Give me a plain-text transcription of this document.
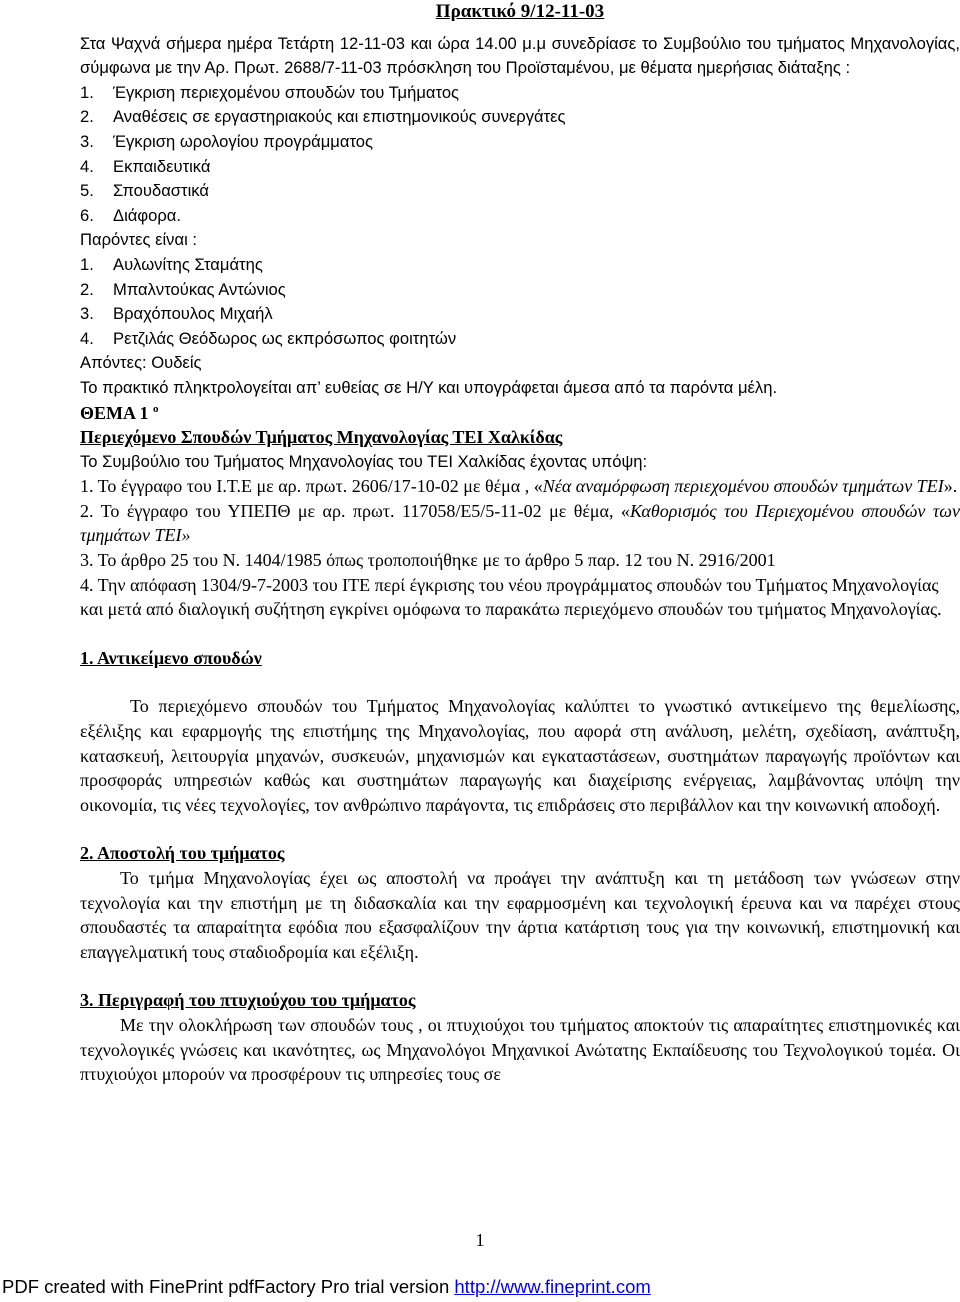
Πρακτικό 9/12-11-03

Στα Ψαχνά σήμερα ημέρα Τετάρτη 12-11-03 και ώρα 14.00 μ.μ συνεδρίασε το Συμβούλιο του τμήματος Μηχανολογίας, σύμφωνα με την Αρ. Πρωτ. 2688/7-11-03 πρόσκληση του Προϊσταμένου, με θέματα ημερήσιας διάταξης :

1.	Έγκριση περιεχομένου σπουδών του Τμήματος
2.	Αναθέσεις σε εργαστηριακούς και επιστημονικούς συνεργάτες
3.	Έγκριση ωρολογίου προγράμματος
4.	Εκπαιδευτικά
5.	Σπουδαστικά
6.	Διάφορα.

Παρόντες είναι :

1.	Αυλωνίτης Σταμάτης
2.	Μπαλντούκας Αντώνιος
3.	Βραχόπουλος Μιχαήλ
4.	Ρετζιλάς Θεόδωρος ως εκπρόσωπος φοιτητών

Απόντες: Ουδείς

Το πρακτικό πληκτρολογείται απ’ ευθείας σε Η/Υ και υπογράφεται άμεσα από τα παρόντα μέλη.

ΘΕΜΑ 1 $^o$

Περιεχόμενο Σπουδών Τμήματος Μηχανολογίας ΤΕΙ Χαλκίδας

Το Συμβούλιο του Τμήματος Μηχανολογίας του ΤΕΙ Χαλκίδας έχοντας υπόψη:

1. Το έγγραφο του Ι.Τ.Ε με αρ. πρωτ. 2606/17-10-02 με θέμα , «Νέα αναμόρφωση περιεχομένου σπουδών τμημάτων ΤΕΙ».

2. Το έγγραφο του ΥΠΕΠΘ με αρ. πρωτ. 117058/Ε5/5-11-02 με θέμα, «Καθορισμός του Περιεχομένου σπουδών των τμημάτων ΤΕΙ»

3. Το άρθρο 25 του Ν. 1404/1985 όπως τροποποιήθηκε με το άρθρο 5 παρ. 12 του Ν. 2916/2001

4. Την απόφαση 1304/9-7-2003 του ΙΤΕ περί έγκρισης του νέου προγράμματος σπουδών του Τμήματος Μηχανολογίας

και μετά από διαλογική συζήτηση εγκρίνει ομόφωνα το παρακάτω περιεχόμενο σπουδών του τμήματος Μηχανολογίας.

1. Αντικείμενο σπουδών

Το περιεχόμενο σπουδών του Τμήματος Μηχανολογίας καλύπτει το γνωστικό αντικείμενο της θεμελίωσης, εξέλιξης και εφαρμογής της επιστήμης της Μηχανολογίας, που αφορά στη ανάλυση, μελέτη, σχεδίαση, ανάπτυξη, κατασκευή, λειτουργία μηχανών, συσκευών, μηχανισμών και εγκαταστάσεων, συστημάτων παραγωγής προϊόντων και προσφοράς υπηρεσιών καθώς και συστημάτων παραγωγής και διαχείρισης ενέργειας, λαμβάνοντας υπόψη την οικονομία, τις νέες τεχνολογίες, τον ανθρώπινο παράγοντα, τις επιδράσεις στο περιβάλλον και την κοινωνική αποδοχή.

2. Αποστολή του τμήματος

Το τμήμα Μηχανολογίας έχει ως αποστολή να προάγει την ανάπτυξη και τη μετάδοση των γνώσεων στην τεχνολογία και την επιστήμη με τη διδασκαλία και την εφαρμοσμένη και τεχνολογική έρευνα και να παρέχει στους σπουδαστές τα απαραίτητα εφόδια που εξασφαλίζουν την άρτια κατάρτιση τους για την κοινωνική, επιστημονική και επαγγελματική τους σταδιοδρομία και εξέλιξη.

3. Περιγραφή του πτυχιούχου του τμήματος

Με την ολοκλήρωση των σπουδών τους , οι πτυχιούχοι του τμήματος αποκτούν τις απαραίτητες επιστημονικές και τεχνολογικές γνώσεις και ικανότητες, ως Μηχανολόγοι Μηχανικοί Ανώτατης Εκπαίδευσης του Τεχνολογικού τομέα. Οι πτυχιούχοι μπορούν να προσφέρουν τις υπηρεσίες τους σε

1
PDF created with FinePrint pdfFactory Pro trial version http://www.fineprint.com
